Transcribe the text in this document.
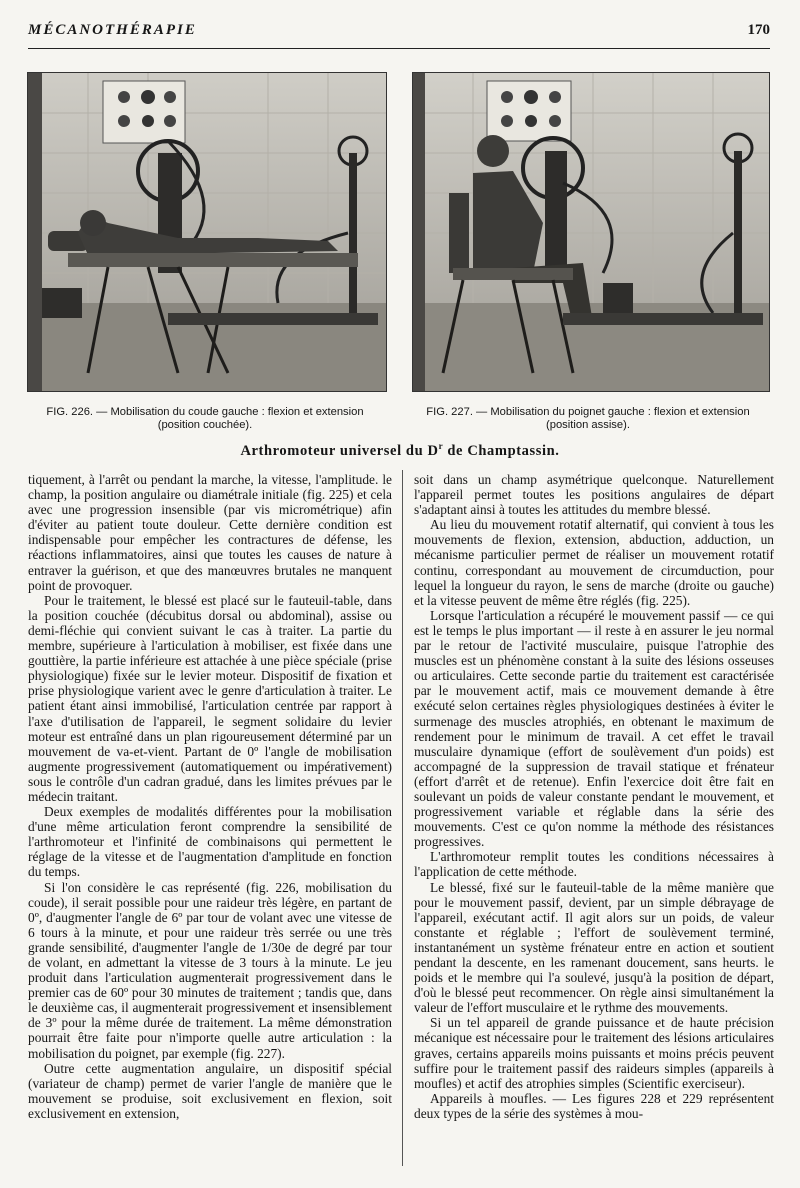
MÉCANOTHÉRAPIE	170
FIG. 226. — Mobilisation du coude gauche : flexion et extension (position couchée).
FIG. 227. — Mobilisation du poignet gauche : flexion et extension (position assise).
Arthromoteur universel du $D^r$ de Champtassin.

tiquement, à l'arrêt ou pendant la marche, la vitesse, l'amplitude. le champ, la position angulaire ou diamétrale initiale (fig. 225) et cela avec une progression insensible (par vis micrométrique) afin d'éviter au patient toute douleur. Cette dernière condition est indispensable pour empêcher les contractures de défense, les réactions inflammatoires, ainsi que toutes les causes de nature à entraver la guérison, et que des manœuvres brutales ne manquent point de provoquer.

Pour le traitement, le blessé est placé sur le fauteuil-table, dans la position couchée (décubitus dorsal ou abdominal), assise ou demi-fléchie qui convient suivant le cas à traiter. La partie du membre, supérieure à l'articulation à mobiliser, est fixée dans une gouttière, la partie inférieure est attachée à une pièce spéciale (prise physiologique) fixée sur le levier moteur. Dispositif de fixation et prise physiologique varient avec le genre d'articulation à traiter. Le patient étant ainsi immobilisé, l'articulation centrée par rapport à l'axe d'utilisation de l'appareil, le segment solidaire du levier moteur est entraîné dans un plan rigoureusement déterminé par un mouvement de va-et-vient. Partant de 0º l'angle de mobilisation augmente progressivement (automatiquement ou impérativement) sous le contrôle d'un cadran gradué, dans les limites prévues par le médecin traitant.

Deux exemples de modalités différentes pour la mobilisation d'une même articulation feront comprendre la sensibilité de l'arthromoteur et l'infinité de combinaisons qui permettent le réglage de la vitesse et de l'augmentation d'amplitude en fonction du temps.

Si l'on considère le cas représenté (fig. 226, mobilisation du coude), il serait possible pour une raideur très légère, en partant de 0º, d'augmenter l'angle de 6º par tour de volant avec une vitesse de 6 tours à la minute, et pour une raideur très serrée ou une très grande sensibilité, d'augmenter l'angle de 1/30e de degré par tour de volant, en admettant la vitesse de 3 tours à la minute. Le jeu produit dans l'articulation augmenterait progressivement dans le premier cas de 60º pour 30 minutes de traitement ; tandis que, dans le deuxième cas, il augmenterait progressivement et insensiblement de 3º pour la même durée de traitement. La même démonstration pourrait être faite pour n'importe quelle autre articulation : la mobilisation du poignet, par exemple (fig. 227).

Outre cette augmentation angulaire, un dispositif spécial (variateur de champ) permet de varier l'angle de manière que le mouvement se produise, soit exclusivement en flexion, soit exclusivement en extension,

soit dans un champ asymétrique quelconque. Naturellement l'appareil permet toutes les positions angulaires de départ s'adaptant ainsi à toutes les attitudes du membre blessé.

Au lieu du mouvement rotatif alternatif, qui convient à tous les mouvements de flexion, extension, abduction, adduction, un mécanisme particulier permet de réaliser un mouvement rotatif continu, correspondant au mouvement de circumduction, pour lequel la longueur du rayon, le sens de marche (droite ou gauche) et la vitesse peuvent de même être réglés (fig. 225).

Lorsque l'articulation a récupéré le mouvement passif — ce qui est le temps le plus important — il reste à en assurer le jeu normal par le retour de l'activité musculaire, puisque l'atrophie des muscles est un phénomène constant à la suite des lésions osseuses ou articulaires. Cette seconde partie du traitement est caractérisée par le mouvement actif, mais ce mouvement demande à être exécuté selon certaines règles physiologiques destinées à éviter le surmenage des muscles atrophiés, en obtenant le maximum de rendement pour le minimum de travail. A cet effet le travail musculaire dynamique (effort de soulèvement d'un poids) est accompagné de la suppression de travail statique et frénateur (effort d'arrêt et de retenue). Enfin l'exercice doit être fait en soulevant un poids de valeur constante pendant le mouvement, et progressivement variable et réglable dans la série des mouvements. C'est ce qu'on nomme la méthode des résistances progressives.

L'arthromoteur remplit toutes les conditions nécessaires à l'application de cette méthode.

Le blessé, fixé sur le fauteuil-table de la même manière que pour le mouvement passif, devient, par un simple débrayage de l'appareil, exécutant actif. Il agit alors sur un poids, de valeur constante et réglable ; l'effort de soulèvement terminé, instantanément un système frénateur entre en action et soutient pendant la descente, en les ramenant doucement, sans heurts. le poids et le membre qui l'a soulevé, jusqu'à la position de départ, d'où le blessé peut recommencer. On règle ainsi simultanément la valeur de l'effort musculaire et le rythme des mouvements.

Si un tel appareil de grande puissance et de haute précision mécanique est nécessaire pour le traitement des lésions articulaires graves, certains appareils moins puissants et moins précis peuvent suffire pour le traitement passif des raideurs simples (appareils à moufles) et actif des atrophies simples (Scientific exerciseur).

Appareils à moufles. — Les figures 228 et 229 représentent deux types de la série des systèmes à mou-
